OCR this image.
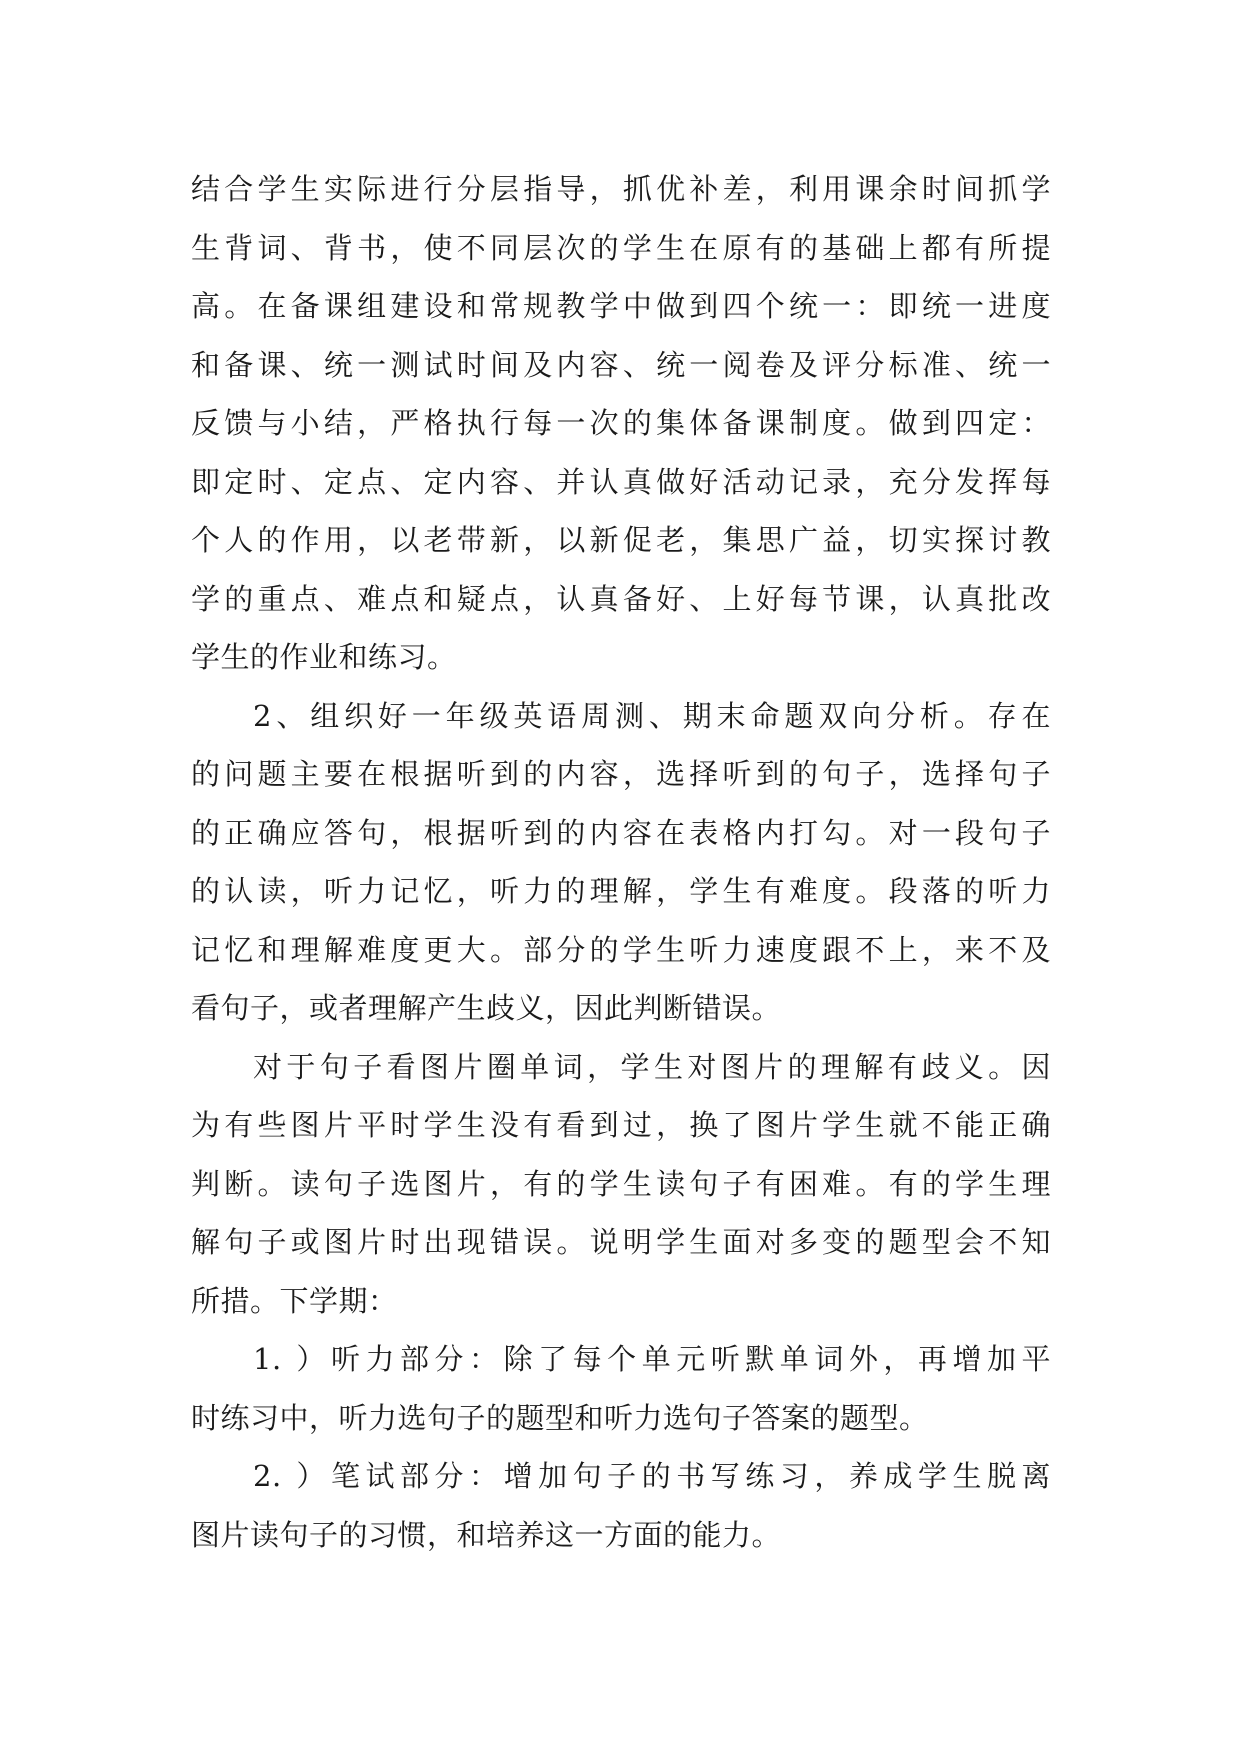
结合学生实际进行分层指导，抓优补差，利用课余时间抓学
生背词、背书，使不同层次的学生在原有的基础上都有所提
高。在备课组建设和常规教学中做到四个统一：即统一进度
和备课、统一测试时间及内容、统一阅卷及评分标准、统一
反馈与小结，严格执行每一次的集体备课制度。做到四定：
即定时、定点、定内容、并认真做好活动记录，充分发挥每
个人的作用，以老带新，以新促老，集思广益，切实探讨教
学的重点、难点和疑点，认真备好、上好每节课，认真批改
学生的作业和练习。
2、组织好一年级英语周测、期末命题双向分析。存在
的问题主要在根据听到的内容，选择听到的句子，选择句子
的正确应答句，根据听到的内容在表格内打勾。对一段句子
的认读，听力记忆，听力的理解，学生有难度。段落的听力
记忆和理解难度更大。部分的学生听力速度跟不上，来不及
看句子，或者理解产生歧义，因此判断错误。
对于句子看图片圈单词，学生对图片的理解有歧义。因
为有些图片平时学生没有看到过，换了图片学生就不能正确
判断。读句子选图片，有的学生读句子有困难。有的学生理
解句子或图片时出现错误。说明学生面对多变的题型会不知
所措。下学期：
1. ）听力部分：除了每个单元听默单词外，再增加平
时练习中，听力选句子的题型和听力选句子答案的题型。
2. ）笔试部分：增加句子的书写练习，养成学生脱离
图片读句子的习惯，和培养这一方面的能力。
